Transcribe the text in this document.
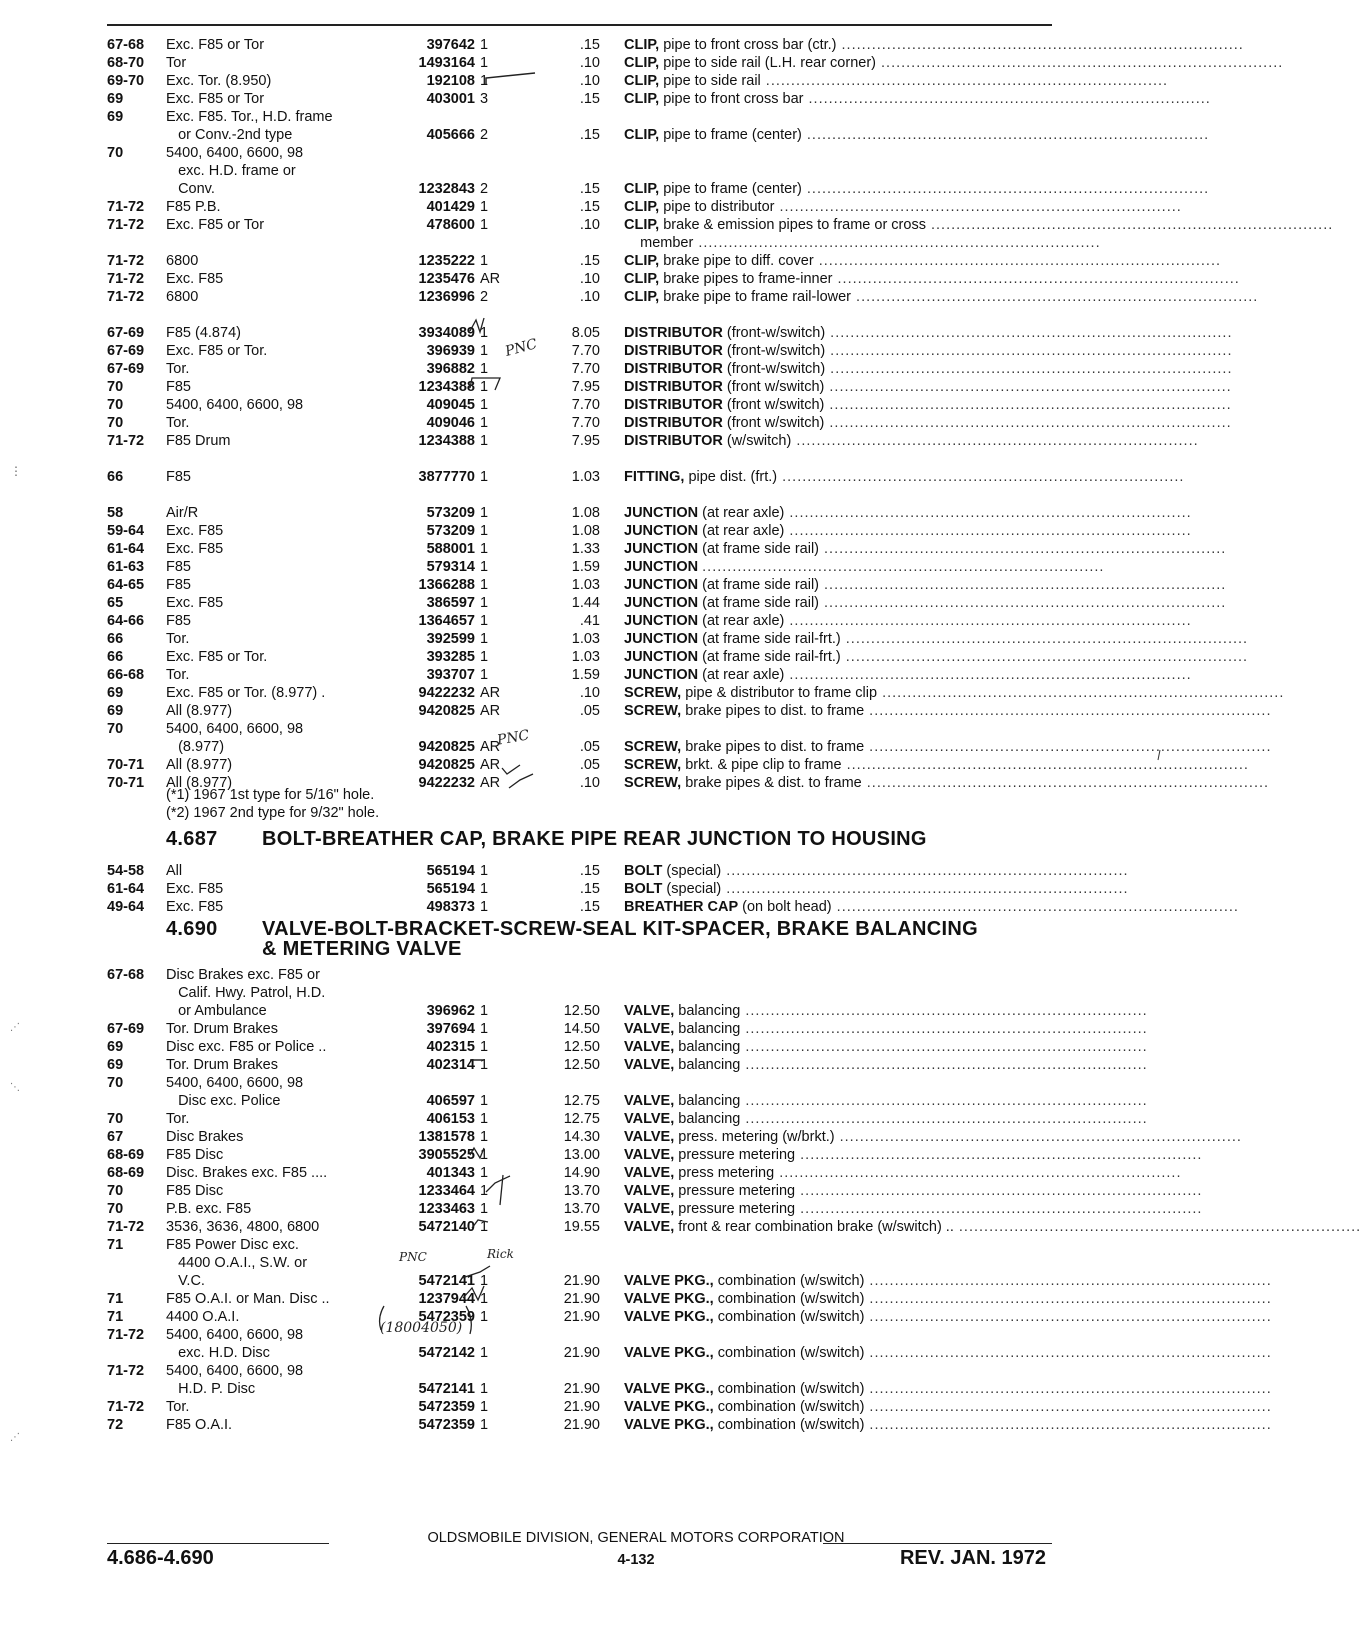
67-68	Exc. F85 or Tor	397642 1	.15 CLIP, pipe to front cross bar (ctr.) ................................................................................
68-70	Tor	1493164 1	.10 CLIP, pipe to side rail (L.H. rear corner) ................................................................................
69-70	Exc. Tor. (8.950)	192108 1	.10 CLIP, pipe to side rail ................................................................................
69	Exc. F85 or Tor	403001 3	.15 CLIP, pipe to front cross bar ................................................................................
69	Exc. F85. Tor., H.D. frame
or Conv.-2nd type	405666 2	.15 CLIP, pipe to frame (center) ................................................................................
70	5400, 6400, 6600, 98
exc. H.D. frame or
Conv.	1232843 2	.15 CLIP, pipe to frame (center) ................................................................................
71-72	F85 P.B.	401429 1	.15 CLIP, pipe to distributor ................................................................................
71-72	Exc. F85 or Tor	478600 1	.10 CLIP, brake & emission pipes to frame or cross ................................................................................
member ................................................................................
71-72	6800	1235222 1	.15 CLIP, brake pipe to diff. cover ................................................................................
71-72	Exc. F85	1235476 AR	.10 CLIP, brake pipes to frame-inner ................................................................................
71-72	6800	1236996 2	.10 CLIP, brake pipe to frame rail-lower ................................................................................
67-69	F85 (4.874)	3934089 1	8.05 DISTRIBUTOR (front-w/switch) ................................................................................
67-69	Exc. F85 or Tor.	396939 1	7.70 DISTRIBUTOR (front-w/switch) ................................................................................
67-69	Tor.	396882 1	7.70 DISTRIBUTOR (front-w/switch) ................................................................................
70	F85	1234388 1	7.95 DISTRIBUTOR (front w/switch) ................................................................................
70	5400, 6400, 6600, 98	409045 1	7.70 DISTRIBUTOR (front w/switch) ................................................................................
70	Tor.	409046 1	7.70 DISTRIBUTOR (front w/switch) ................................................................................
71-72	F85 Drum	1234388 1	7.95 DISTRIBUTOR (w/switch) ................................................................................
66	F85	3877770 1	1.03 FITTING, pipe dist. (frt.) ................................................................................
58	Air/R	573209 1	1.08 JUNCTION (at rear axle) ................................................................................
59-64	Exc. F85	573209 1	1.08 JUNCTION (at rear axle) ................................................................................
61-64	Exc. F85	588001 1	1.33 JUNCTION (at frame side rail) ................................................................................
61-63	F85	579314 1	1.59 JUNCTION ................................................................................
64-65	F85	1366288 1	1.03 JUNCTION (at frame side rail) ................................................................................
65	Exc. F85	386597 1	1.44 JUNCTION (at frame side rail) ................................................................................
64-66	F85	1364657 1	.41 JUNCTION (at rear axle) ................................................................................
66	Tor.	392599 1	1.03 JUNCTION (at frame side rail-frt.) ................................................................................
66	Exc. F85 or Tor.	393285 1	1.03 JUNCTION (at frame side rail-frt.) ................................................................................
66-68	Tor.	393707 1	1.59 JUNCTION (at rear axle) ................................................................................
69	Exc. F85 or Tor. (8.977) .	9422232 AR	.10 SCREW, pipe & distributor to frame clip ................................................................................
69	All (8.977)	9420825 AR	.05 SCREW, brake pipes to dist. to frame ................................................................................
70	5400, 6400, 6600, 98
(8.977)	9420825 AR	.05 SCREW, brake pipes to dist. to frame ................................................................................
70-71	All (8.977)	9420825 AR	.05 SCREW, brkt. & pipe clip to frame ................................................................................
70-71	All (8.977)	9422232 AR	.10 SCREW, brake pipes & dist. to frame ................................................................................
(*1) 1967 1st type for 5/16" hole.
(*2) 1967 2nd type for 9/32" hole.
4.687 BOLT-BREATHER CAP, BRAKE PIPE REAR JUNCTION TO HOUSING
54-58	All	565194 1	.15 BOLT (special) ................................................................................
61-64	Exc. F85	565194 1	.15 BOLT (special) ................................................................................
49-64	Exc. F85	498373 1	.15 BREATHER CAP (on bolt head) ................................................................................
4.690 VALVE-BOLT-BRACKET-SCREW-SEAL KIT-SPACER, BRAKE BALANCING
& METERING VALVE
67-68	Disc Brakes exc. F85 or
Calif. Hwy. Patrol, H.D.
or Ambulance	396962 1	12.50 VALVE, balancing ................................................................................
67-69	Tor. Drum Brakes	397694 1	14.50 VALVE, balancing ................................................................................
69	Disc exc. F85 or Police ..	402315 1	12.50 VALVE, balancing ................................................................................
69	Tor. Drum Brakes	402314 1	12.50 VALVE, balancing ................................................................................
70	5400, 6400, 6600, 98
Disc exc. Police	406597 1	12.75 VALVE, balancing ................................................................................
70	Tor.	406153 1	12.75 VALVE, balancing ................................................................................
67	Disc Brakes	1381578 1	14.30 VALVE, press. metering (w/brkt.) ................................................................................
68-69	F85 Disc	3905525 1	13.00 VALVE, pressure metering ................................................................................
68-69	Disc. Brakes exc. F85 ....	401343 1	14.90 VALVE, press metering ................................................................................
70	F85 Disc	1233464 1	13.70 VALVE, pressure metering ................................................................................
70	P.B. exc. F85	1233463 1	13.70 VALVE, pressure metering ................................................................................
71-72	3536, 3636, 4800, 6800	5472140 1	19.55 VALVE, front & rear combination brake (w/switch) .. ................................................................................
71	F85 Power Disc exc.
4400 O.A.I., S.W. or
V.C.	5472141 1	21.90 VALVE PKG., combination (w/switch) ................................................................................
71	F85 O.A.I. or Man. Disc ..	1237944 1	21.90 VALVE PKG., combination (w/switch) ................................................................................
71	4400 O.A.I.	5472359 1	21.90 VALVE PKG., combination (w/switch) ................................................................................
71-72	5400, 6400, 6600, 98
exc. H.D. Disc	5472142 1	21.90 VALVE PKG., combination (w/switch) ................................................................................
71-72	5400, 6400, 6600, 98
H.D. P. Disc	5472141 1	21.90 VALVE PKG., combination (w/switch) ................................................................................
71-72	Tor.	5472359 1	21.90 VALVE PKG., combination (w/switch) ................................................................................
72	F85 O.A.I.	5472359 1	21.90 VALVE PKG., combination (w/switch) ................................................................................
PNC
PNC
PNC	Rick
(18004050)
⋮
⋰
⋱
⋰
OLDSMOBILE DIVISION, GENERAL MOTORS CORPORATION
4.686-4.690	4-132	REV. JAN. 1972
